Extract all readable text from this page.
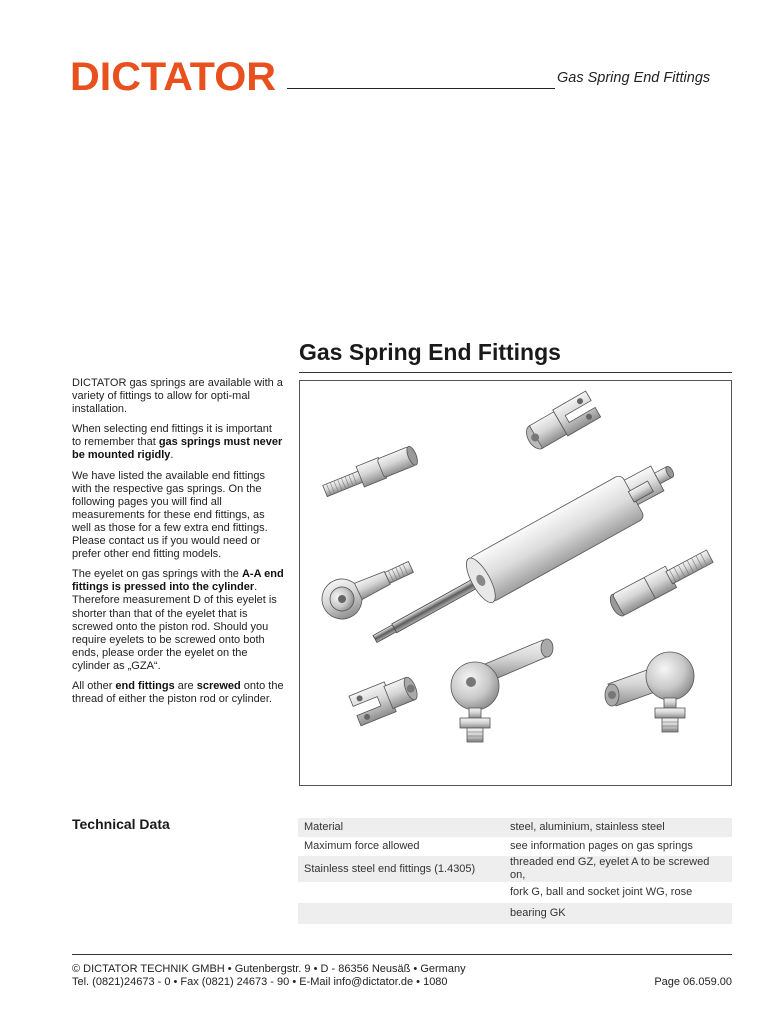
DICTATOR	Gas Spring End Fittings
Gas Spring End Fittings

DICTATOR gas springs are available with a variety of fittings to allow for opti-mal installation.

When selecting end fittings it is important to remember that gas springs must never be mounted rigidly.

We have listed the available end fittings with the respective gas springs. On the following pages you will find all measurements for these end fittings, as well as those for a few extra end fittings. Please contact us if you would need or prefer other end fitting models.

The eyelet on gas springs with the A-A end fittings is pressed into the cylinder. Therefore measurement D of this eyelet is shorter than that of the eyelet that is screwed onto the piston rod. Should you require eyelets to be screwed onto both ends, please order the eyelet on the cylinder as „GZA“.

All other end fittings are screwed onto the thread of either the piston rod or cylinder.

Technical Data	Material	steel, aluminium, stainless steel
Maximum force allowed	see information pages on gas springs
Stainless steel end fittings (1.4305)	threaded end GZ, eyelet A to be screwed on,
	fork G, ball and socket joint WG, rose
	bearing GK
© DICTATOR TECHNIK GMBH • Gutenbergstr. 9 • D - 86356 Neusäß • Germany
Tel. (0821)24673 - 0 • Fax (0821) 24673 - 90 • E-Mail info@dictator.de • 1080	Page 06.059.00
